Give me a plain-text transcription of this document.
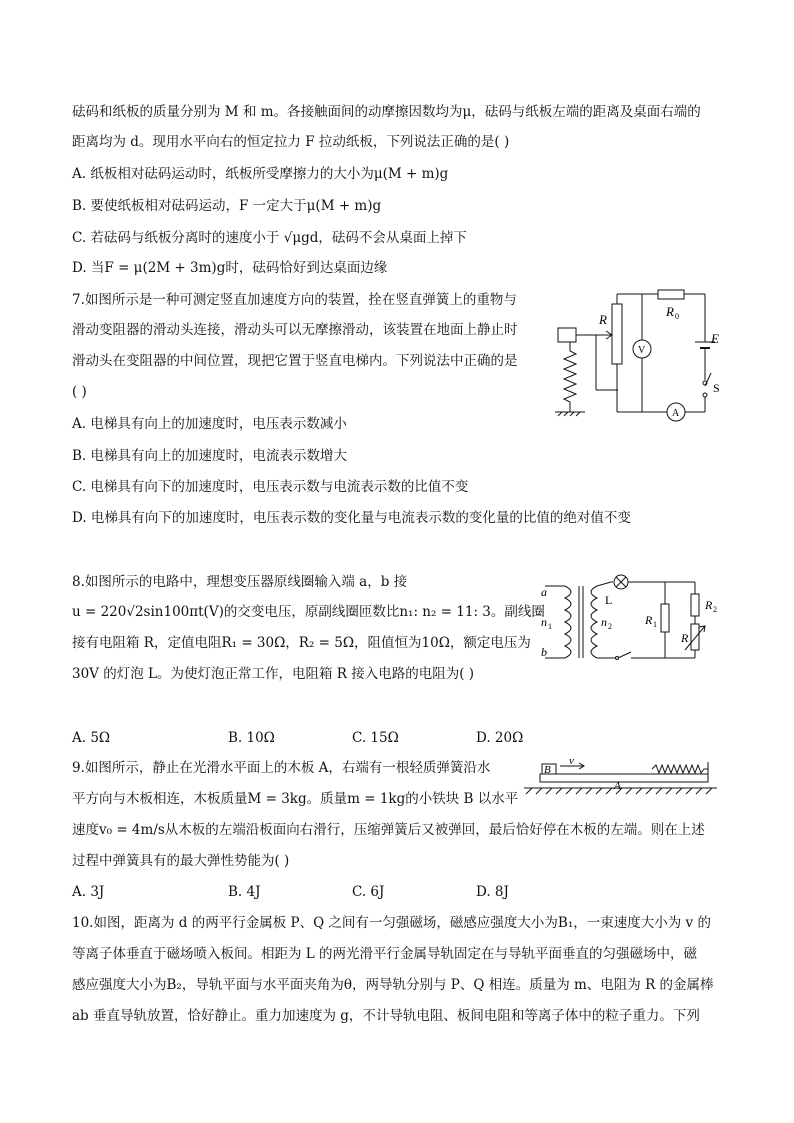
砝码和纸板的质量分别为 M 和 m。各接触面间的动摩擦因数均为μ，砝码与纸板左端的距离及桌面右端的
距离均为 d。现用水平向右的恒定拉力 F 拉动纸板，下列说法正确的是( )
A. 纸板相对砝码运动时，纸板所受摩擦力的大小为μ(M + m)g
B. 要使纸板相对砝码运动，F 一定大于μ(M + m)g
C. 若砝码与纸板分离时的速度小于 √μgd，砝码不会从桌面上掉下
D. 当F = μ(2M + 3m)g时，砝码恰好到达桌面边缘
7.如图所示是一种可测定竖直加速度方向的装置，拴在竖直弹簧上的重物与
滑动变阻器的滑动头连接，滑动头可以无摩擦滑动，该装置在地面上静止时
滑动头在变阻器的中间位置，现把它置于竖直电梯内。下列说法中正确的是
( )
A. 电梯具有向上的加速度时，电压表示数减小
B. 电梯具有向上的加速度时，电流表示数增大
C. 电梯具有向下的加速度时，电压表示数与电流表示数的比值不变
D. 电梯具有向下的加速度时，电压表示数的变化量与电流表示数的变化量的比值的绝对值不变
R
R 0
E
V
A
S
8.如图所示的电路中，理想变压器原线圈输入端 a，b 接
u = 220√2sin100πt(V)的交变电压，原副线圈匝数比n₁: n₂ = 11: 3。副线圈
接有电阻箱 R，定值电阻R₁ = 30Ω，R₂ = 5Ω，阻值恒为10Ω，额定电压为
30V 的灯泡 L。为使灯泡正常工作，电阻箱 R 接入电路的电阻为( )
A. 5Ω	B. 10Ω	C. 15Ω	D. 20Ω
a
b
n 1	n 2
L
R 1
R 2
R
9.如图所示，静止在光滑水平面上的木板 A，右端有一根轻质弹簧沿水
平方向与木板相连，木板质量M = 3kg。质量m = 1kg的小铁块 B 以水平
速度v₀ = 4m/s从木板的左端沿板面向右滑行，压缩弹簧后又被弹回，最后恰好停在木板的左端。则在上述
过程中弹簧具有的最大弹性势能为( )
A. 3J	B. 4J	C. 6J	D. 8J
B
v
A
10.如图，距离为 d 的两平行金属板 P、Q 之间有一匀强磁场，磁感应强度大小为B₁，一束速度大小为 v 的
等离子体垂直于磁场喷入板间。相距为 L 的两光滑平行金属导轨固定在与导轨平面垂直的匀强磁场中，磁
感应强度大小为B₂，导轨平面与水平面夹角为θ，两导轨分别与 P、Q 相连。质量为 m、电阻为 R 的金属棒
ab 垂直导轨放置，恰好静止。重力加速度为 g，不计导轨电阻、板间电阻和等离子体中的粒子重力。下列
